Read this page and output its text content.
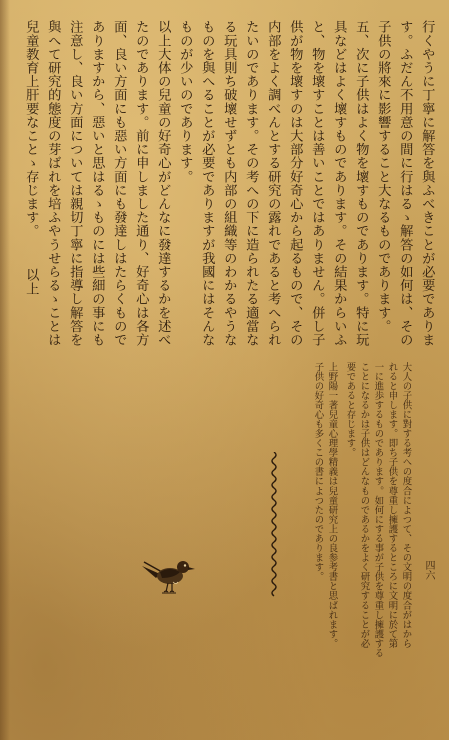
行くやうに丁寧に解答を與ふべきことが必要でありま
す。ふだん不用意の間に行はるゝ解答の如何は、その
子供の將來に影響すること大なるものであります。
五、次に子供はよく物を壞すものであります。特に玩
具などはよく壞すものであります。その結果からいふ
と、物を壞すことは善いことではありません。併し子
供が物を壞すのは大部分好奇心から起るもので、その
内部をよく調べんとする研究の露れであると考へられ
たいのであります。その考への下に造られたる適當な
る玩具則ち破壞せずとも内部の組織等のわかるやうな
ものを與へることが必要でありますが我國にはそんな
ものが少いのであります。
以上大体の兒童の好奇心がどんなに發達するかを述べ
たのであります。前に申しました通り、好奇心は各方
面、良い方面にも惡い方面にも發達しはたらくもので
ありますから、惡いと思はるゝものには些細の事にも
注意し、良い方面については親切丁寧に指導し解答を
與へて研究的態度の芽ばれを培ふやうせらるゝことは
兒童教育上肝要なことゝ存じます。
以上
大人の子供に對する考への度合によつて、その文明の度合がはから
れると申します。即ち子供を尊重し擁護するところに文明に於て第
一に進歩するものであります。如何にする事が子供を尊重し擁護する
ことになるかは子供はどんなものであるかをよく研究することが必
要であると存じます。
上野陽一著兒童心理學精義は兒童研究上の良参考書と思ばれます。
子供の好奇心も多くこの書によつたのであります。	四六
